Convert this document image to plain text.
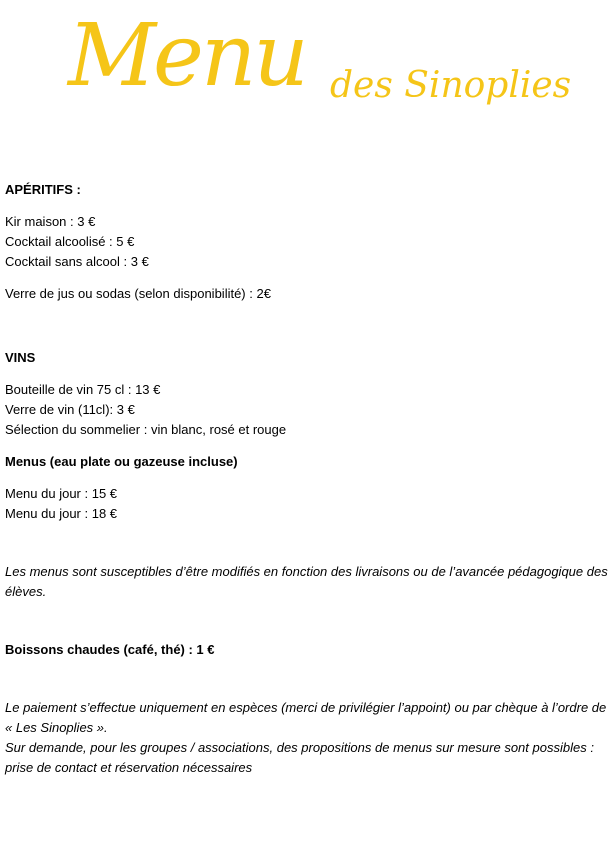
Menu des Sinoplies

APÉRITIFS :

Kir maison : 3 €

Cocktail alcoolisé : 5 €

Cocktail sans alcool : 3 €

Verre de jus ou sodas (selon disponibilité) : 2€

VINS

Bouteille de vin 75 cl : 13 €

Verre de vin (11cl): 3 €

Sélection du sommelier : vin blanc, rosé et rouge

Menus (eau plate ou gazeuse incluse)

Menu du jour : 15 €

Menu du jour : 18 €

Les menus sont susceptibles d’être modifiés en fonction des livraisons ou de l’avancée pédagogique des élèves.

Boissons chaudes (café, thé) : 1 €

Le paiement s’effectue uniquement en espèces (merci de privilégier l’appoint) ou par chèque à l’ordre de « Les Sinoplies ».

Sur demande, pour les groupes / associations, des propositions de menus sur mesure sont possibles : prise de contact et réservation nécessaires
